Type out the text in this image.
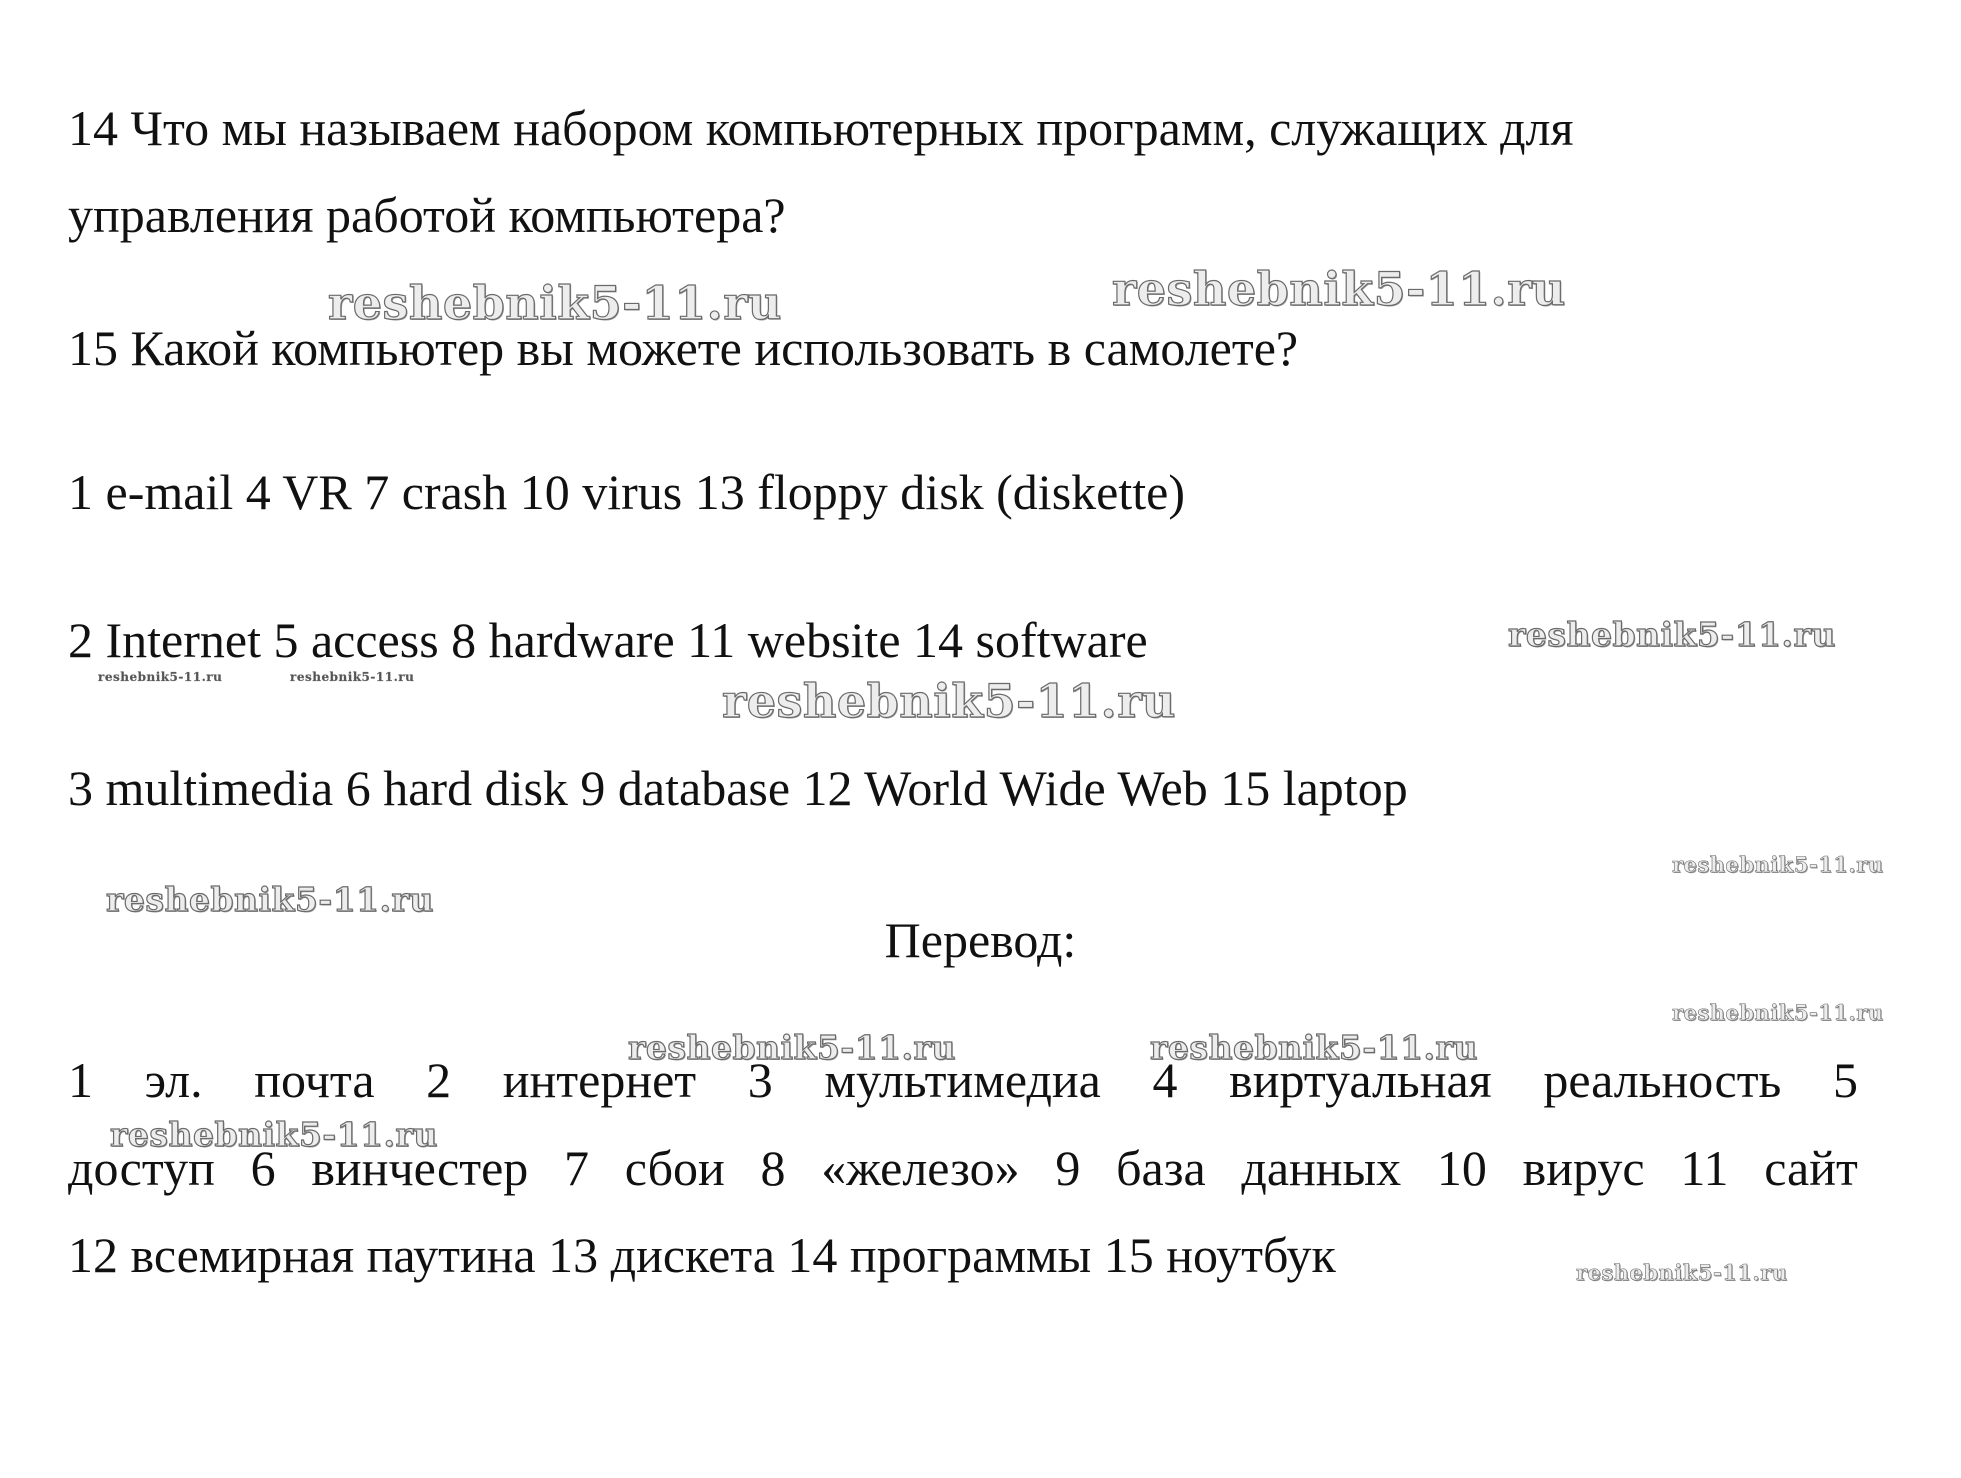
14 Что мы называем набором компьютерных программ, служащих для

управления работой компьютера?

15 Какой компьютер вы можете использовать в самолете?

1 e-mail 4 VR 7 crash 10 virus 13 floppy disk (diskette)

2 Internet 5 access 8 hardware 11 website 14 software

3 multimedia 6 hard disk 9 database 12 World Wide Web 15 laptop

Перевод:
1 эл. почта 2 интернет 3 мультимедиа 4 виртуальная реальность 5
доступ 6 винчестер 7 сбои 8 «железо» 9 база данных 10 вирус 11 сайт

12 всемирная паутина 13 дискета 14 программы 15 ноутбук

reshebnik5-11.ru	reshebnik5-11.ru
reshebnik5-11.ru
reshebnik5-11.ru	reshebnik5-11.ru	reshebnik5-11.ru
reshebnik5-11.ru
reshebnik5-11.ru
reshebnik5-11.ru
reshebnik5-11.ru	reshebnik5-11.ru
reshebnik5-11.ru
reshebnik5-11.ru
